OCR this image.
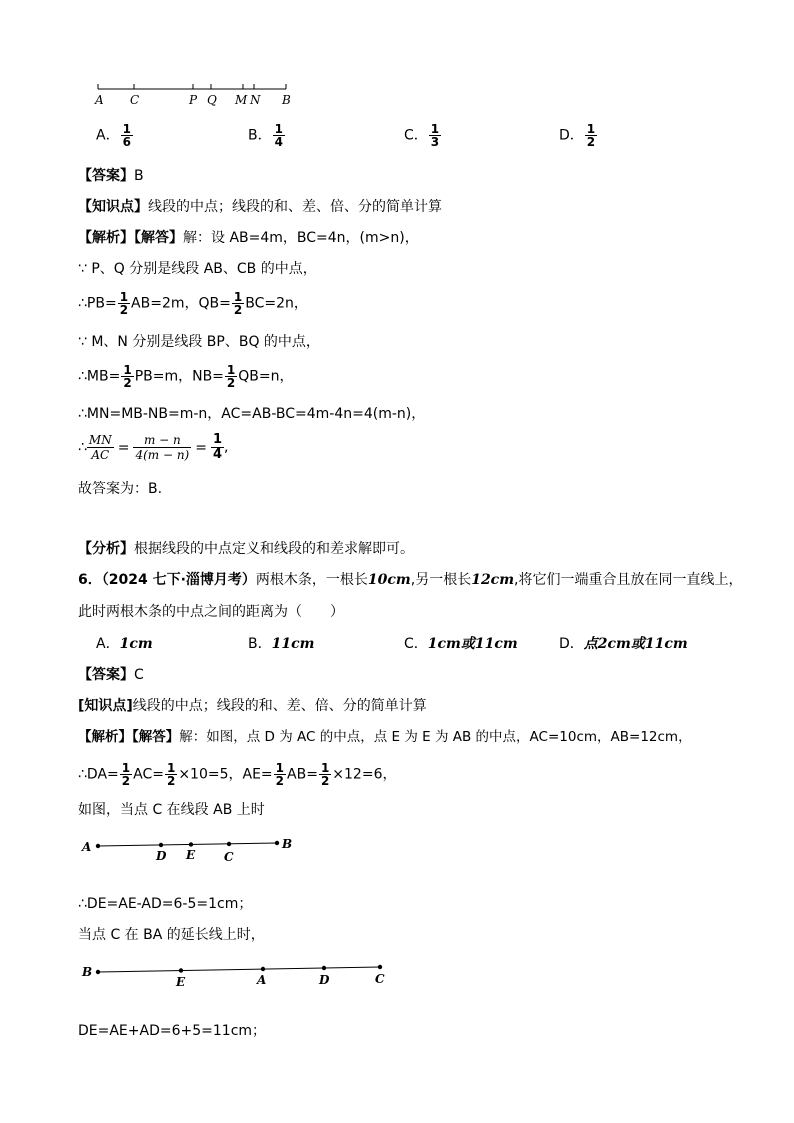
A C	P Q M N B
A． $\frac{1}{6}$	B． $\frac{1}{4}$	C． $\frac{1}{3}$	D． $\frac{1}{2}$
【答案】B
【知识点】线段的中点；线段的和、差、倍、分的简单计算
【解析】【解答】解：设 AB=4m，BC=4n，(m>n)，
∵ P、Q 分别是线段 AB、CB 的中点，
∴PB= $\frac{1}{2} AB=2m$，$QB= \frac{1}{2} BC=2n$，
∵ M、N 分别是线段 BP、BQ 的中点，
∴MB= $\frac{1}{2} PB=m$，$NB= \frac{1}{2} QB=n$，
∴MN=MB-NB=m-n，AC=AB-BC=4m-4n=4(m-n)，
∴ $\frac{MN}{AC} = \frac{m - n}{4(m - n)} = \frac{1}{4}$ ,
故答案为：B.
【分析】根据线段的中点定义和线段的和差求解即可。
6．（2024 七下·淄博月考）两根木条，一根长10cm,另一根长12cm,将它们一端重合且放在同一直线上，
此时两根木条的中点之间的距离为（　　）
A．1cm	B．11cm	C．1cm或11cm	D．点2cm或11cm
【答案】C
[知识点]线段的中点；线段的和、差、倍、分的简单计算
【解析】【解答】解：如图，点 D 为 AC 的中点，点 E 为 E 为 AB 的中点，AC=10cm，AB=12cm，
∴DA= $\frac{1}{2} AC= \frac{1}{2} \times 10=5$，$AE= \frac{1}{2} AB= \frac{1}{2} \times 12=6$，
如图，当点 C 在线段 AB 上时
A
D E C
B
∴DE=AE-AD=6-5=1cm；
当点 C 在 BA 的延长线上时，
B
E	A	D	C
DE=AE+AD=6+5=11cm；
